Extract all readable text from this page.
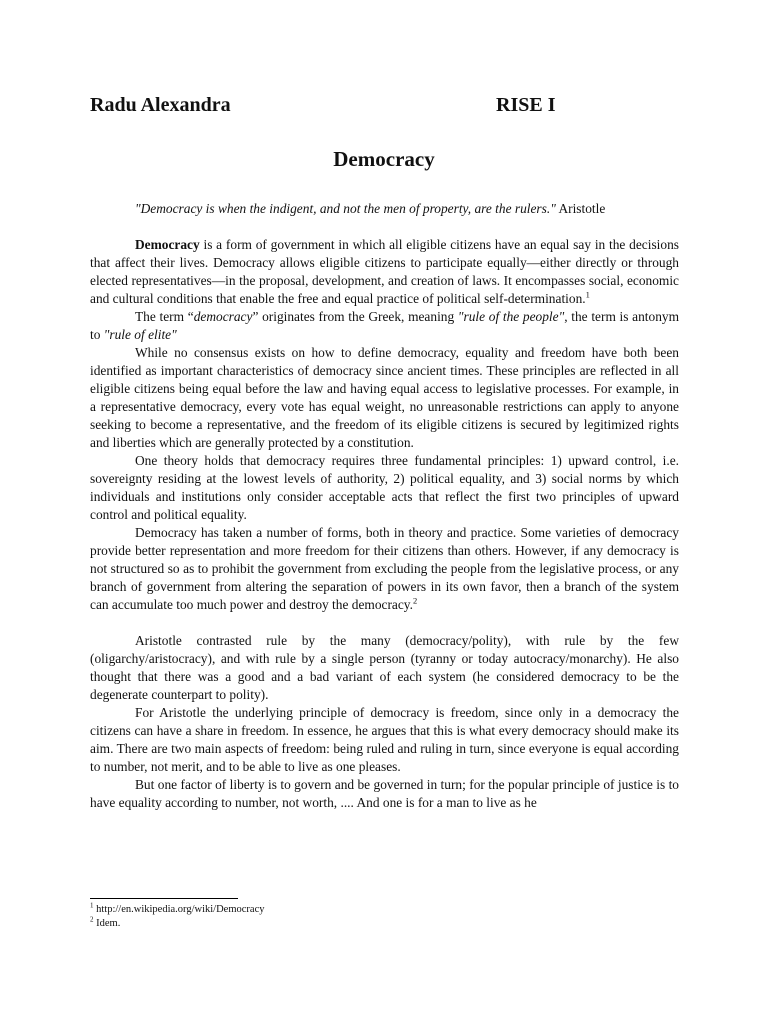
Radu Alexandra	RISE I
Democracy
"Democracy is when the indigent, and not the men of property, are the rulers." Aristotle

Democracy is a form of government in which all eligible citizens have an equal say in the decisions that affect their lives. Democracy allows eligible citizens to participate equally—either directly or through elected representatives—in the proposal, development, and creation of laws. It encompasses social, economic and cultural conditions that enable the free and equal practice of political self-determination.$^1$

The term “democracy” originates from the Greek, meaning "rule of the people", the term is antonym to "rule of elite"

While no consensus exists on how to define democracy, equality and freedom have both been identified as important characteristics of democracy since ancient times. These principles are reflected in all eligible citizens being equal before the law and having equal access to legislative processes. For example, in a representative democracy, every vote has equal weight, no unreasonable restrictions can apply to anyone seeking to become a representative, and the freedom of its eligible citizens is secured by legitimized rights and liberties which are generally protected by a constitution.

One theory holds that democracy requires three fundamental principles: 1) upward control, i.e. sovereignty residing at the lowest levels of authority, 2) political equality, and 3) social norms by which individuals and institutions only consider acceptable acts that reflect the first two principles of upward control and political equality.

Democracy has taken a number of forms, both in theory and practice. Some varieties of democracy provide better representation and more freedom for their citizens than others. However, if any democracy is not structured so as to prohibit the government from excluding the people from the legislative process, or any branch of government from altering the separation of powers in its own favor, then a branch of the system can accumulate too much power and destroy the democracy.$^2$

Aristotle contrasted rule by the many (democracy/polity), with rule by the few (oligarchy/aristocracy), and with rule by a single person (tyranny or today autocracy/monarchy). He also thought that there was a good and a bad variant of each system (he considered democracy to be the degenerate counterpart to polity).

For Aristotle the underlying principle of democracy is freedom, since only in a democracy the citizens can have a share in freedom. In essence, he argues that this is what every democracy should make its aim. There are two main aspects of freedom: being ruled and ruling in turn, since everyone is equal according to number, not merit, and to be able to live as one pleases.

But one factor of liberty is to govern and be governed in turn; for the popular principle of justice is to have equality according to number, not worth, .... And one is for a man to live as he

$^1$ http://en.wikipedia.org/wiki/Democracy
$^2$ Idem.
